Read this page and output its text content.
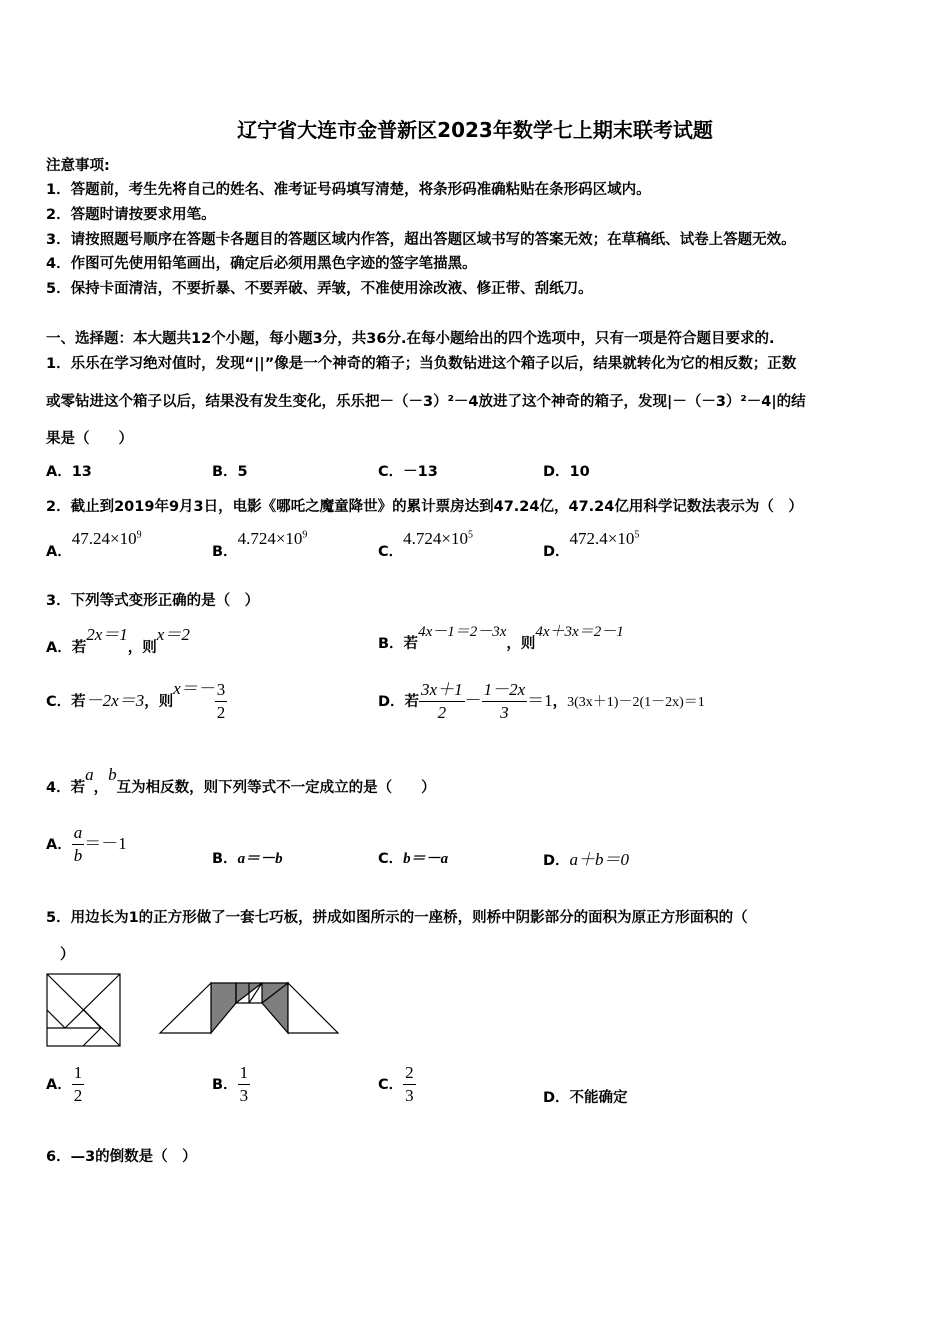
辽宁省大连市金普新区2023年数学七上期末联考试题
注意事项:
1．答题前，考生先将自己的姓名、准考证号码填写清楚，将条形码准确粘贴在条形码区域内。
2．答题时请按要求用笔。
3．请按照题号顺序在答题卡各题目的答题区域内作答，超出答题区域书写的答案无效；在草稿纸、试卷上答题无效。
4．作图可先使用铅笔画出，确定后必须用黑色字迹的签字笔描黑。
5．保持卡面清洁，不要折暴、不要弄破、弄皱，不准使用涂改液、修正带、刮纸刀。
一、选择题：本大题共12个小题，每小题3分，共36分.在每小题给出的四个选项中，只有一项是符合题目要求的.
1．乐乐在学习绝对值时，发现“||”像是一个神奇的箱子；当负数钻进这个箱子以后，结果就转化为它的相反数；正数
或零钻进这个箱子以后，结果没有发生变化，乐乐把－（－3）²－4放进了这个神奇的箱子，发现|－（－3）²－4|的结
果是（　　）
A．13	B．5	C．－13	D．10
2．截止到2019年9月3日，电影《哪吒之魔童降世》的累计票房达到47.24亿，47.24亿用科学记数法表示为（　）
A．$47.24\times 10^9$
B．$4.724\times 10^9$
C．$4.724\times 10^5$
D．$472.4\times 10^5$
3．下列等式变形正确的是（　）
A．若2x＝1，则x＝2	B．若4x－1＝2－3x，则4x＋3x＝2－1
C．若－2x＝3，则$x=- \frac{3}{2}$	D．若 $\frac{3x+1}{2} - \frac{1-2x}{3} =1$，3(3x＋1)－2(1－2x)＝1
4．若a，b互为相反数，则下列等式不一定成立的是（　　）
A． $\frac{a}{b} =-1$
B．a＝－b	C．b＝－a	D．a＋b＝0
5．用边长为1的正方形做了一套七巧板，拼成如图所示的一座桥，则桥中阴影部分的面积为原正方形面积的（
）
A． $\frac{1}{2}$	B． $\frac{1}{3}$	C． $\frac{2}{3}$	D．不能确定
6．—3的倒数是（　）
